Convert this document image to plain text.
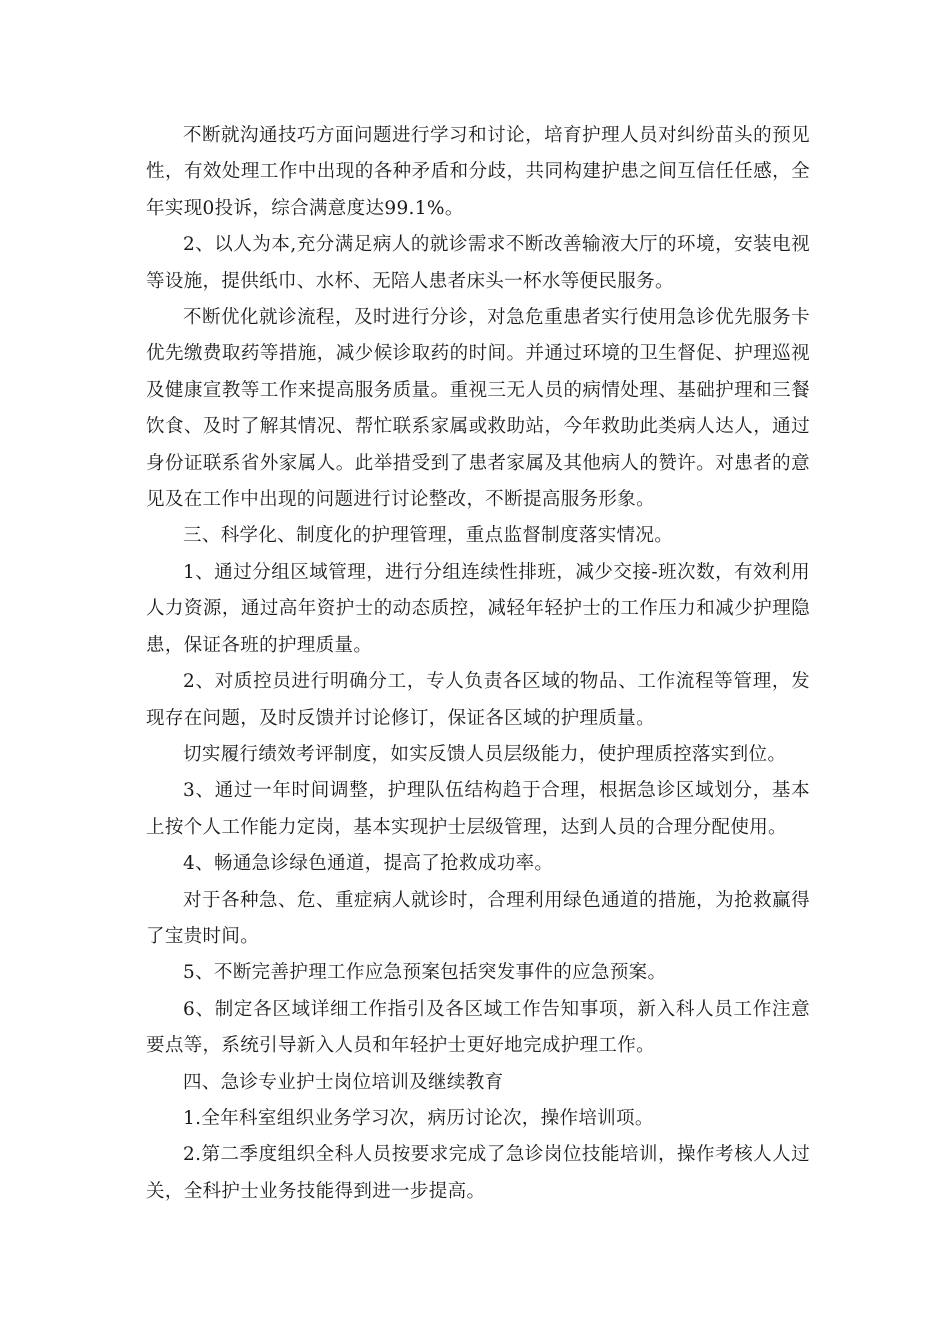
不断就沟通技巧方面问题进行学习和讨论，培育护理人员对纠纷苗头的预见性，有效处理工作中出现的各种矛盾和分歧，共同构建护患之间互信任任感，全年实现0投诉，综合满意度达99.1%。

2、以人为本,充分满足病人的就诊需求不断改善输液大厅的环境，安装电视等设施，提供纸巾、水杯、无陪人患者床头一杯水等便民服务。

不断优化就诊流程，及时进行分诊，对急危重患者实行使用急诊优先服务卡优先缴费取药等措施，减少候诊取药的时间。并通过环境的卫生督促、护理巡视及健康宣教等工作来提高服务质量。重视三无人员的病情处理、基础护理和三餐饮食、及时了解其情况、帮忙联系家属或救助站，今年救助此类病人达人，通过身份证联系省外家属人。此举措受到了患者家属及其他病人的赞许。对患者的意见及在工作中出现的问题进行讨论整改，不断提高服务形象。

三、科学化、制度化的护理管理，重点监督制度落实情况。

1、通过分组区域管理，进行分组连续性排班，减少交接-班次数，有效利用人力资源，通过高年资护士的动态质控，减轻年轻护士的工作压力和减少护理隐患，保证各班的护理质量。

2、对质控员进行明确分工，专人负责各区域的物品、工作流程等管理，发现存在问题，及时反馈并讨论修订，保证各区域的护理质量。

切实履行绩效考评制度，如实反馈人员层级能力，使护理质控落实到位。

3、通过一年时间调整，护理队伍结构趋于合理，根据急诊区域划分，基本上按个人工作能力定岗，基本实现护士层级管理，达到人员的合理分配使用。

4、畅通急诊绿色通道，提高了抢救成功率。

对于各种急、危、重症病人就诊时，合理利用绿色通道的措施，为抢救赢得了宝贵时间。

5、不断完善护理工作应急预案包括突发事件的应急预案。

6、制定各区域详细工作指引及各区域工作告知事项，新入科人员工作注意要点等，系统引导新入人员和年轻护士更好地完成护理工作。

四、急诊专业护士岗位培训及继续教育

1.全年科室组织业务学习次，病历讨论次，操作培训项。

2.第二季度组织全科人员按要求完成了急诊岗位技能培训，操作考核人人过关，全科护士业务技能得到进一步提高。
